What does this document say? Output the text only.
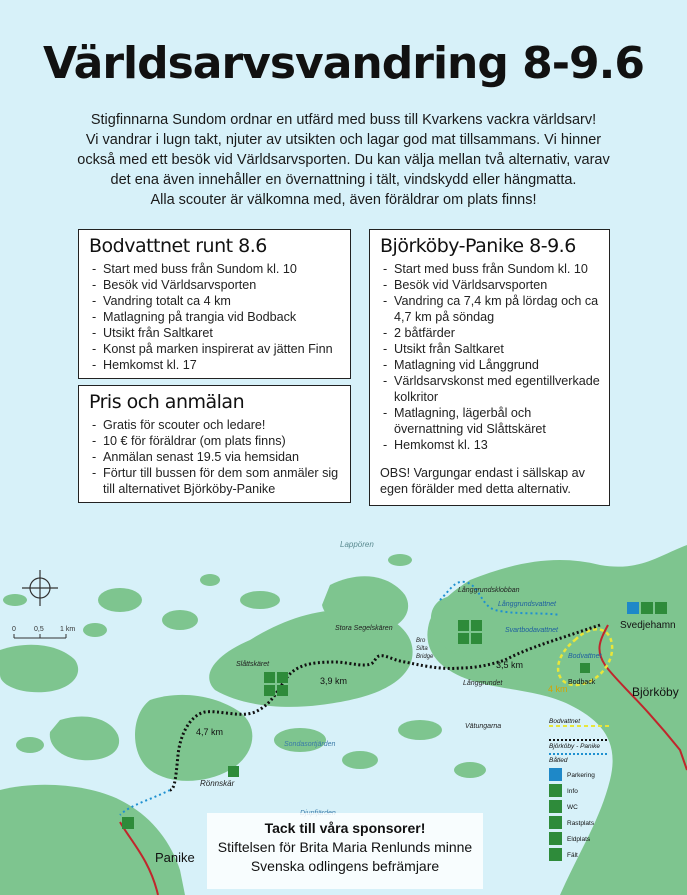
Världsarvsvandring 8-9.6
Stigfinnarna Sundom ordnar en utfärd med buss till Kvarkens vackra världsarv!
Vi vandrar i lugn takt, njuter av utsikten och lagar god mat tillsammans. Vi hinner
också med ett besök vid Världsarvsporten. Du kan välja mellan två alternativ, varav
det ena även innehåller en övernattning i tält, vindskydd eller hängmatta.
Alla scouter är välkomna med, även föräldrar om plats finns!
Bodvattnet runt 8.6
- Start med buss från Sundom kl. 10
- Besök vid Världsarvsporten
- Vandring totalt ca 4 km
- Matlagning på trangia vid Bodback
- Utsikt från Saltkaret
- Konst på marken inspirerat av jätten Finn
- Hemkomst kl. 17
Pris och anmälan
- Gratis för scouter och ledare!
- 10 € för föräldrar (om plats finns)
- Anmälan senast 19.5 via hemsidan
- Förtur till bussen för dem som anmäler sig till alternativet Björköby-Panike
Björköby-Panike 8-9.6
- Start med buss från Sundom kl. 10
- Besök vid Världsarvsporten
- Vandring ca 7,4 km på lördag och ca 4,7 km på söndag
- 2 båtfärder
- Utsikt från Saltkaret
- Matlagning vid Långgrund
- Världsarvskonst med egentillverkade kolkritor
- Matlagning, lägerbål och övernattning vid Slåttskäret
- Hemkomst kl. 13

OBS! Vargungar endast i sällskap av egen förälder med detta alternativ.

0	0,5 1 km
Lappören
Stora Segelskären
Långgrundsklobban
Långgrundsvattnet
Svartbodavattnet
Bodvattnet
Långgrundet
Slåttskäret
Bro
Silta
Bridge
Vätungarna
Sondasortjärden
Rönnskär
Svedjehamn
Bodback
Björköby
Panike
3,9 km
3,5 km
4,7 km
4 km
Bodvattnet
Björköby - Panike
Båtled
Parkering
Info
WC
Rastplats
Eldplats
Fält
Tack till våra sponsorer!
Stiftelsen för Brita Maria Renlunds minne
Svenska odlingens befrämjare
